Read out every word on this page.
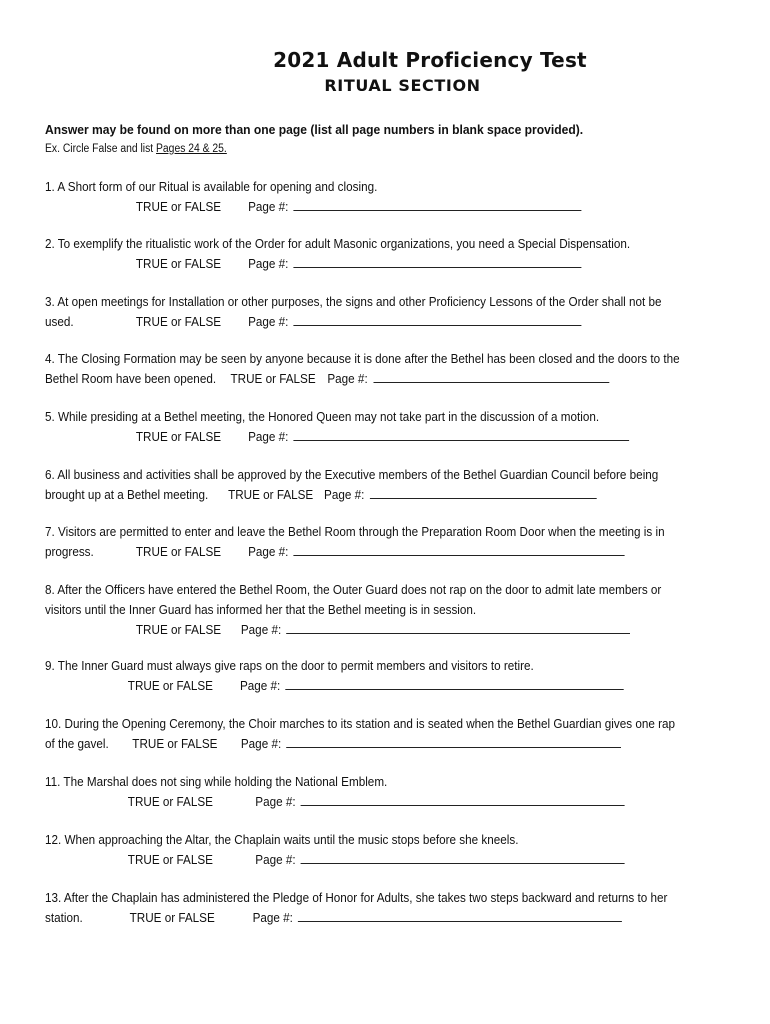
2021 Adult Proficiency Test
RITUAL SECTION
Answer may be found on more than one page (list all page numbers in blank space provided).
Ex. Circle False and list Pages 24 & 25.
1. A Short form of our Ritual is available for opening and closing.
TRUE or FALSE Page #:
2. To exemplify the ritualistic work of the Order for adult Masonic organizations, you need a Special Dispensation.
TRUE or FALSE Page #:
3. At open meetings for Installation or other purposes, the signs and other Proficiency Lessons of the Order shall not be
used.	TRUE or FALSE Page #:
4. The Closing Formation may be seen by anyone because it is done after the Bethel has been closed and the doors to the
Bethel Room have been opened. TRUE or FALSE Page #:
5. While presiding at a Bethel meeting, the Honored Queen may not take part in the discussion of a motion.
TRUE or FALSE Page #:
6. All business and activities shall be approved by the Executive members of the Bethel Guardian Council before being
brought up at a Bethel meeting. TRUE or FALSE Page #:
7. Visitors are permitted to enter and leave the Bethel Room through the Preparation Room Door when the meeting is in
progress.	TRUE or FALSE Page #:
8. After the Officers have entered the Bethel Room, the Outer Guard does not rap on the door to admit late members or
visitors until the Inner Guard has informed her that the Bethel meeting is in session.
TRUE or FALSE Page #:
9. The Inner Guard must always give raps on the door to permit members and visitors to retire.
TRUE or FALSE Page #:
10. During the Opening Ceremony, the Choir marches to its station and is seated when the Bethel Guardian gives one rap
of the gavel. TRUE or FALSE Page #:
11. The Marshal does not sing while holding the National Emblem.
TRUE or FALSE	Page #:
12. When approaching the Altar, the Chaplain waits until the music stops before she kneels.
TRUE or FALSE	Page #:
13. After the Chaplain has administered the Pledge of Honor for Adults, she takes two steps backward and returns to her
station.	TRUE or FALSE	Page #:
